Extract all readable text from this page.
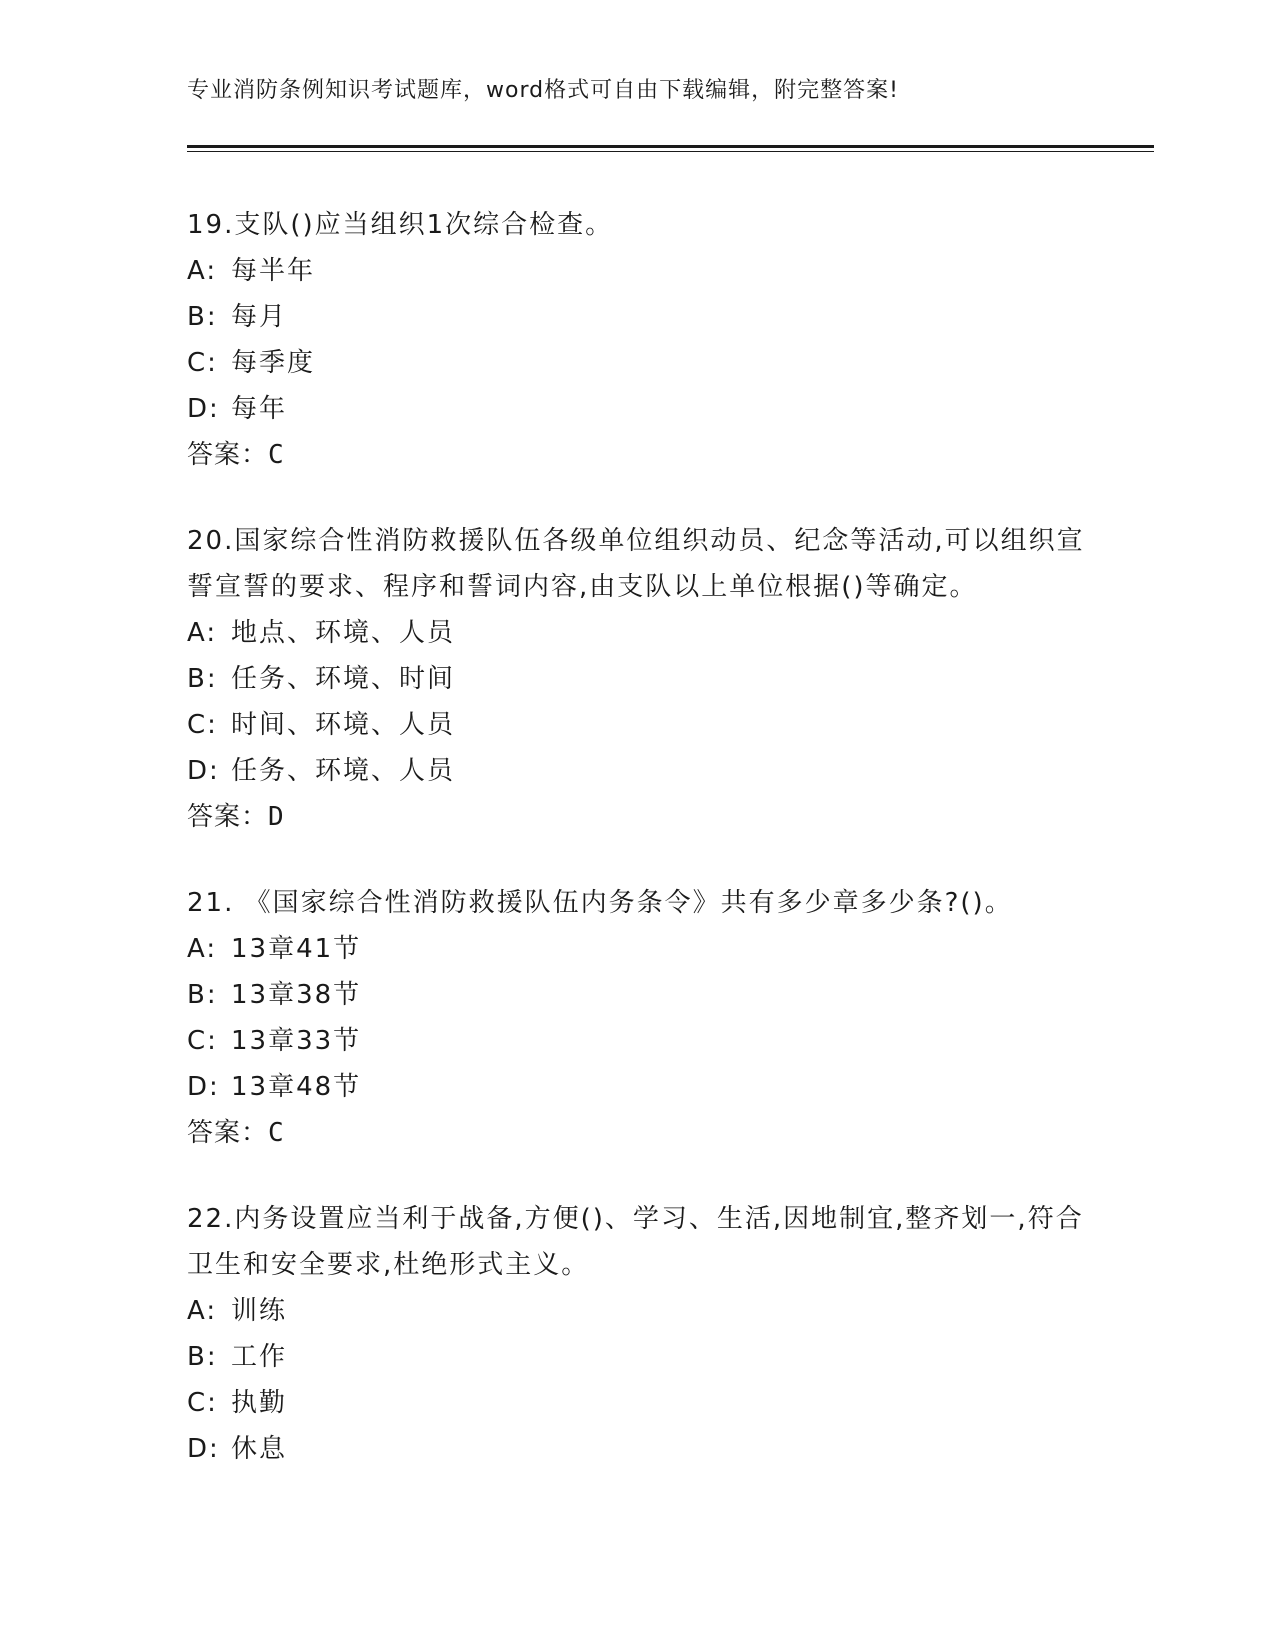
专业消防条例知识考试题库，word格式可自由下载编辑，附完整答案!
19.支队()应当组织1次综合检查。
A: 每半年
B: 每月
C: 每季度
D: 每年
答案：C
20.国家综合性消防救援队伍各级单位组织动员、纪念等活动,可以组织宣誓宣誓的要求、程序和誓词内容,由支队以上单位根据()等确定。
A: 地点、环境、人员
B: 任务、环境、时间
C: 时间、环境、人员
D: 任务、环境、人员
答案：D
21. 《国家综合性消防救援队伍内务条令》共有多少章多少条?()。
A: 13章41节
B: 13章38节
C: 13章33节
D: 13章48节
答案：C
22.内务设置应当利于战备,方便()、学习、生活,因地制宜,整齐划一,符合卫生和安全要求,杜绝形式主义。
A: 训练
B: 工作
C: 执勤
D: 休息
